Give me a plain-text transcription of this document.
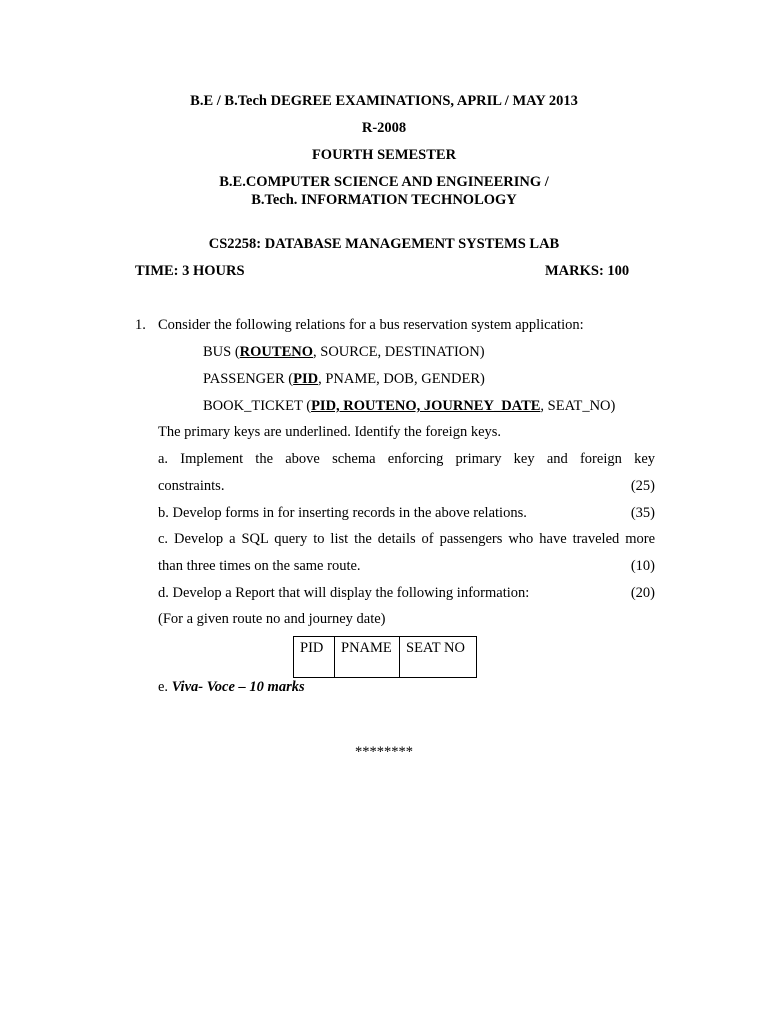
B.E / B.Tech DEGREE EXAMINATIONS, APRIL / MAY 2013
R-2008
FOURTH SEMESTER
B.E.COMPUTER SCIENCE AND ENGINEERING /
B.Tech. INFORMATION TECHNOLOGY
CS2258: DATABASE MANAGEMENT SYSTEMS LAB
TIME: 3 HOURS	MARKS: 100
1. Consider the following relations for a bus reservation system application:
BUS (ROUTENO, SOURCE, DESTINATION)
PASSENGER (PID, PNAME, DOB, GENDER)
BOOK_TICKET (PID, ROUTENO, JOURNEY_DATE, SEAT_NO)
The primary keys are underlined. Identify the foreign keys.
a. Implement the above schema enforcing primary key and foreign key
constraints.	(25)
b. Develop forms in for inserting records in the above relations.	(35)
c. Develop a SQL query to list the details of passengers who have traveled more
than three times on the same route.	(10)
d. Develop a Report that will display the following information:	(20)
(For a given route no and journey date)
PID	PNAME	SEAT NO
e. Viva- Voce – 10 marks
********
